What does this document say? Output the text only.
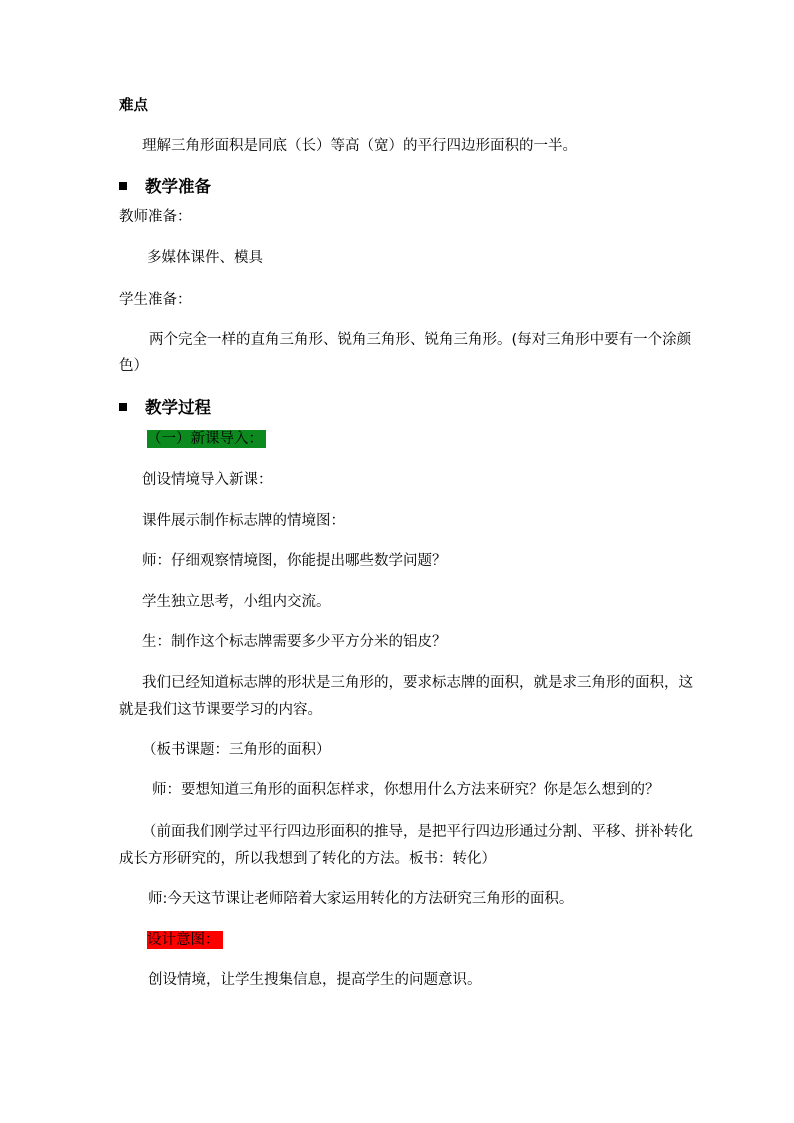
难点
理解三角形面积是同底（长）等高（宽）的平行四边形面积的一半。
教学准备
教师准备：
多媒体课件、模具
学生准备：
两个完全一样的直角三角形、锐角三角形、锐角三角形。(每对三角形中要有一个涂颜
色）
教学过程
（一）新课导入：
创设情境导入新课：
课件展示制作标志牌的情境图：
师：仔细观察情境图，你能提出哪些数学问题？
学生独立思考，小组内交流。
生：制作这个标志牌需要多少平方分米的铝皮？
我们已经知道标志牌的形状是三角形的，要求标志牌的面积，就是求三角形的面积，这
就是我们这节课要学习的内容。
（板书课题：三角形的面积）
师：要想知道三角形的面积怎样求，你想用什么方法来研究？你是怎么想到的？
（前面我们刚学过平行四边形面积的推导，是把平行四边形通过分割、平移、拼补转化
成长方形研究的，所以我想到了转化的方法。板书：转化）
师:今天这节课让老师陪着大家运用转化的方法研究三角形的面积。
设计意图：
创设情境，让学生搜集信息，提高学生的问题意识。
